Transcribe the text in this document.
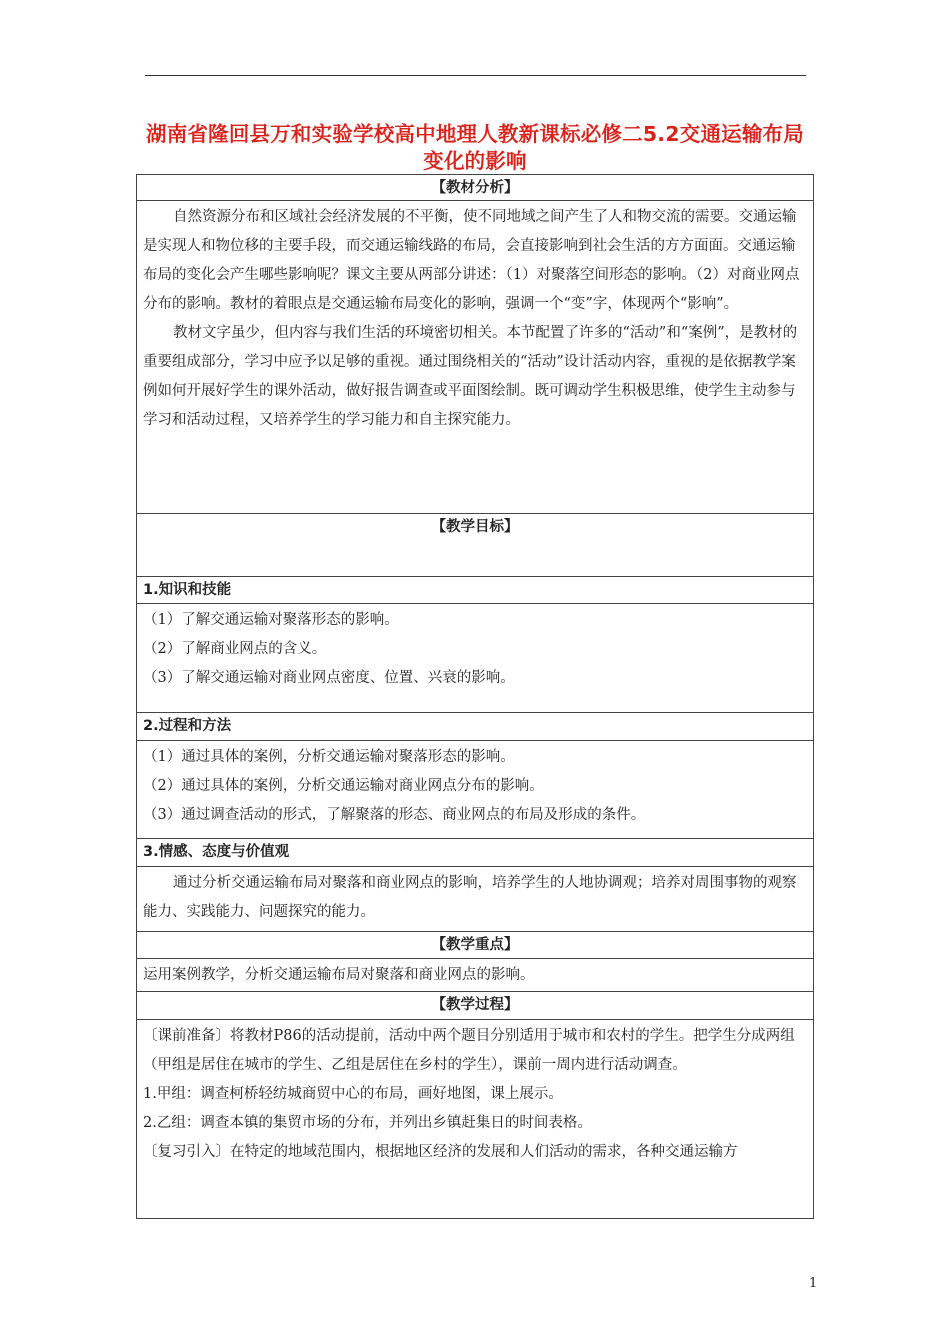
湖南省隆回县万和实验学校高中地理人教新课标必修二5.2交通运输布局变化的影响
【教材分析】

自然资源分布和区域社会经济发展的不平衡，使不同地域之间产生了人和物交流的需要。交通运输是实现人和物位移的主要手段，而交通运输线路的布局，会直接影响到社会生活的方方面面。交通运输布局的变化会产生哪些影响呢？课文主要从两部分讲述：（1）对聚落空间形态的影响。（2）对商业网点分布的影响。教材的着眼点是交通运输布局变化的影响，强调一个“变”字，体现两个“影响”。

教材文字虽少，但内容与我们生活的环境密切相关。本节配置了许多的“活动”和“案例”，是教材的重要组成部分，学习中应予以足够的重视。通过围绕相关的“活动”设计活动内容，重视的是依据教学案例如何开展好学生的课外活动，做好报告调查或平面图绘制。既可调动学生积极思维，使学生主动参与学习和活动过程，又培养学生的学习能力和自主探究能力。

【教学目标】
1.知识和技能

（1）了解交通运输对聚落形态的影响。

（2）了解商业网点的含义。

（3）了解交通运输对商业网点密度、位置、兴衰的影响。

2.过程和方法

（1）通过具体的案例，分析交通运输对聚落形态的影响。

（2）通过具体的案例，分析交通运输对商业网点分布的影响。

（3）通过调查活动的形式，了解聚落的形态、商业网点的布局及形成的条件。

3.情感、态度与价值观

通过分析交通运输布局对聚落和商业网点的影响，培养学生的人地协调观；培养对周围事物的观察能力、实践能力、问题探究的能力。

【教学重点】

运用案例教学，分析交通运输布局对聚落和商业网点的影响。

【教学过程】

〔课前准备〕将教材P86的活动提前，活动中两个题目分别适用于城市和农村的学生。把学生分成两组（甲组是居住在城市的学生、乙组是居住在乡村的学生），课前一周内进行活动调查。

1.甲组：调查柯桥轻纺城商贸中心的布局，画好地图，课上展示。

2.乙组：调查本镇的集贸市场的分布，并列出乡镇赶集日的时间表格。

〔复习引入〕在特定的地域范围内，根据地区经济的发展和人们活动的需求，各种交通运输方

1
